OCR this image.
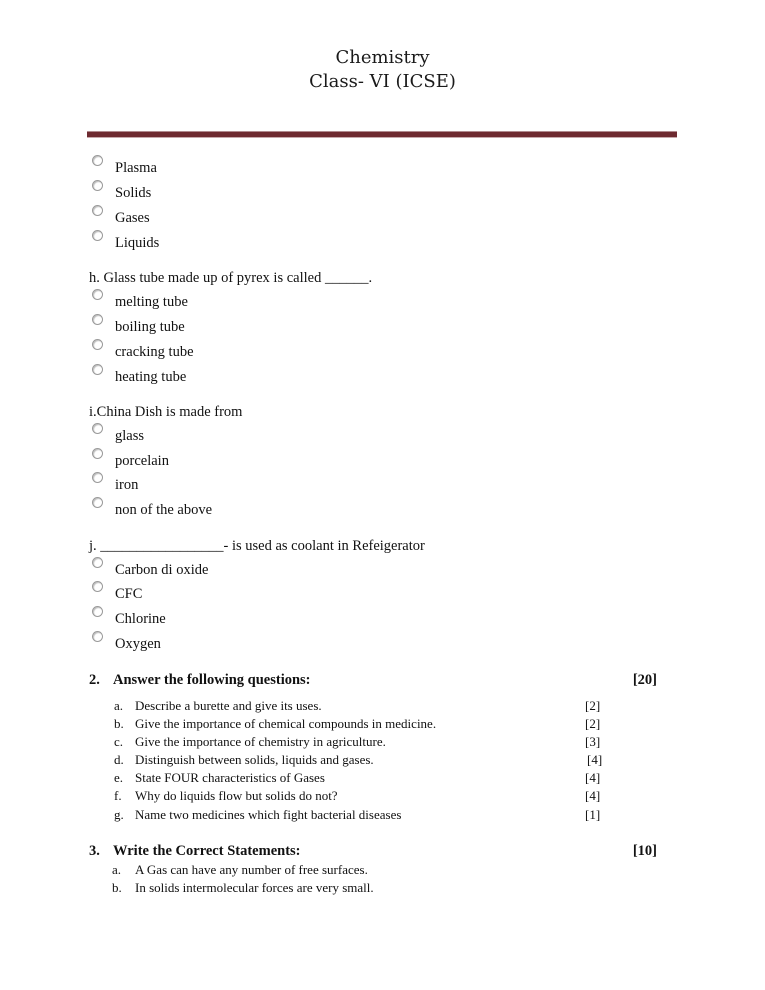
Chemistry
Class- VI (ICSE)
Plasma
Solids
Gases
Liquids
h. Glass tube made up of pyrex is called ______.
melting tube
boiling tube
cracking tube
heating tube
i.China Dish is made from
glass
porcelain
iron
non of the above
j. _________________- is used as coolant in Refeigerator
Carbon di oxide
CFC
Chlorine
Oxygen
2. Answer the following questions:	[20]
a. Describe a burette and give its uses.	[2]
b. Give the importance of chemical compounds in medicine.	[2]
c. Give the importance of chemistry in agriculture.	[3]
d. Distinguish between solids, liquids and gases.	[4]
e. State FOUR characteristics of Gases	[4]
f. Why do liquids flow but solids do not?	[4]
g. Name two medicines which fight bacterial diseases	[1]
3. Write the Correct Statements:	[10]
a. A Gas can have any number of free surfaces.
b. In solids intermolecular forces are very small.
